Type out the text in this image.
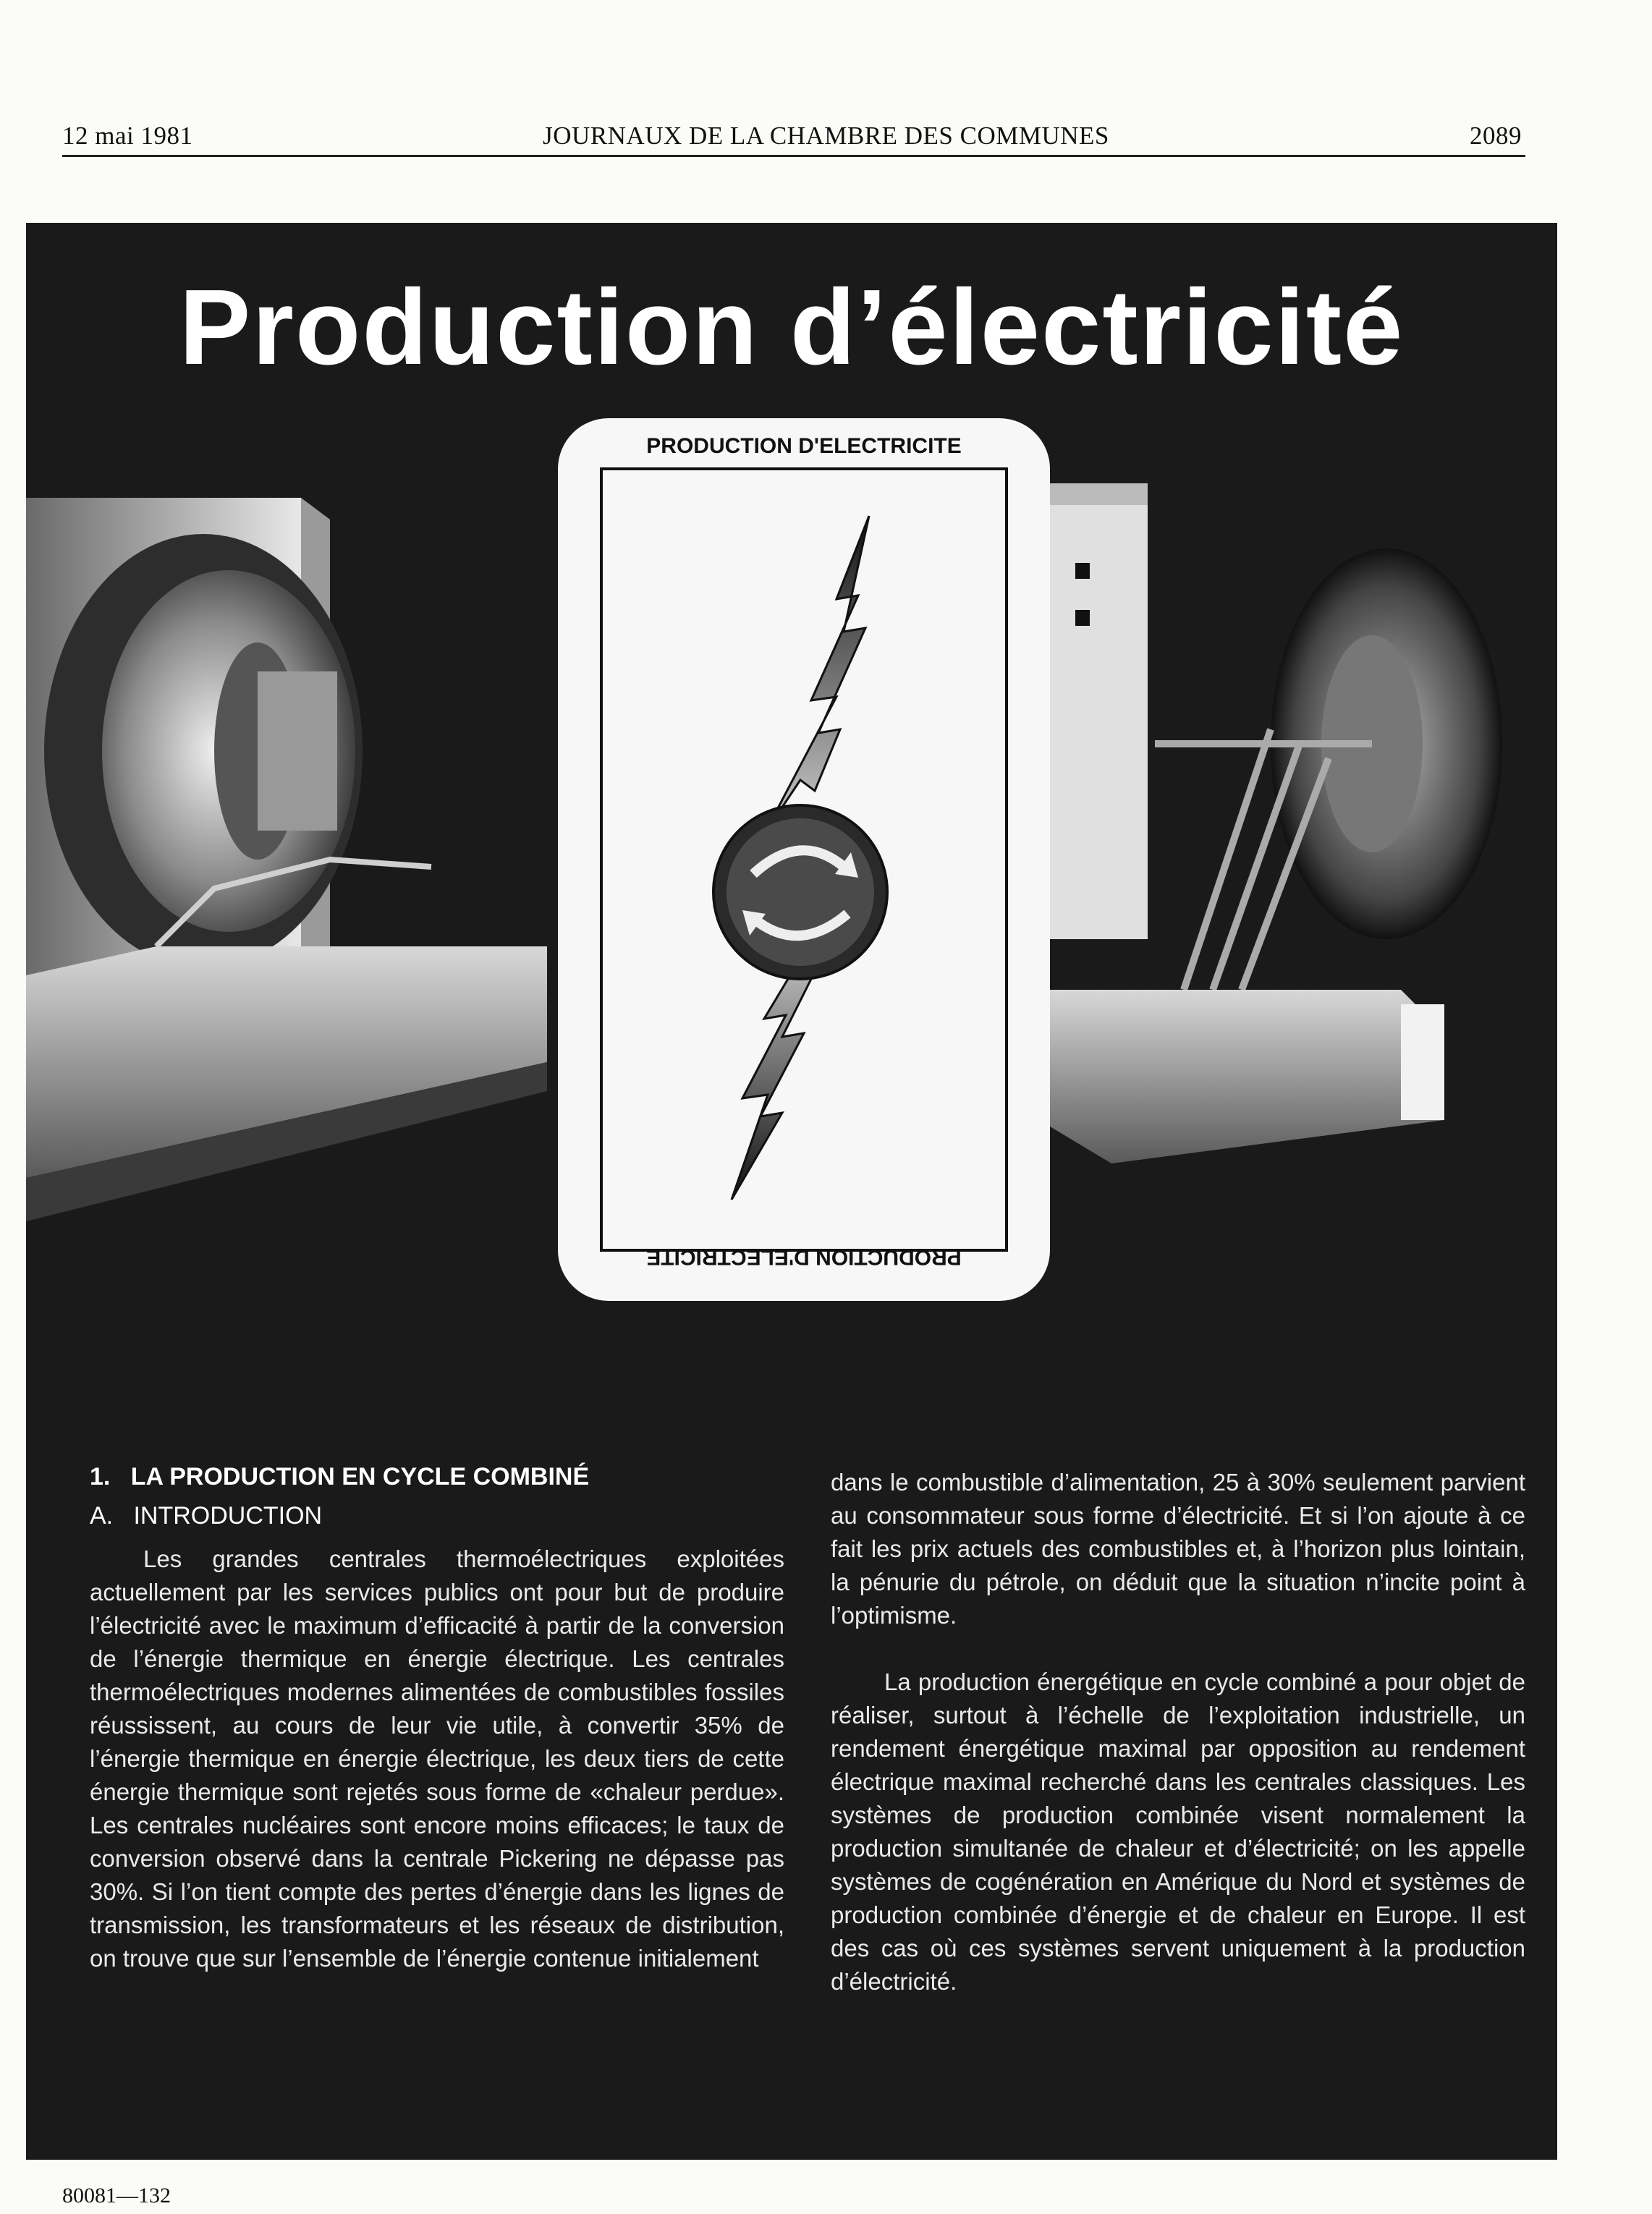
12 mai 1981	JOURNAUX DE LA CHAMBRE DES COMMUNES	2089
PRODUCTION D'ELECTRICITE
PRODUCTION D'ELECTRICITE
Production d’électricité

1. LA PRODUCTION EN CYCLE COMBINÉ

A. INTRODUCTION

Les grandes centrales thermoélectriques exploitées actuellement par les services publics ont pour but de produire l’électricité avec le maximum d’efficacité à partir de la conversion de l’énergie thermique en énergie électrique. Les centrales thermoélectriques modernes alimentées de combustibles fossiles réussissent, au cours de leur vie utile, à convertir 35% de l’énergie thermique en énergie électrique, les deux tiers de cette énergie thermique sont rejetés sous forme de «chaleur perdue». Les centrales nucléaires sont encore moins efficaces; le taux de conversion observé dans la centrale Pickering ne dépasse pas 30%. Si l’on tient compte des pertes d’énergie dans les lignes de transmission, les transformateurs et les réseaux de distribution, on trouve que sur l’ensemble de l’énergie contenue initialement

dans le combustible d’alimentation, 25 à 30% seulement parvient au consommateur sous forme d’électricité. Et si l’on ajoute à ce fait les prix actuels des combustibles et, à l’horizon plus lointain, la pénurie du pétrole, on déduit que la situation n’incite point à l’optimisme.

La production énergétique en cycle combiné a pour objet de réaliser, surtout à l’échelle de l’exploitation industrielle, un rendement énergétique maximal par opposition au rendement électrique maximal recherché dans les centrales classiques. Les systèmes de production combinée visent normalement la production simultanée de chaleur et d’électricité; on les appelle systèmes de cogénération en Amérique du Nord et systèmes de production combinée d’énergie et de chaleur en Europe. Il est des cas où ces systèmes servent uniquement à la production d’électricité.

80081—132
